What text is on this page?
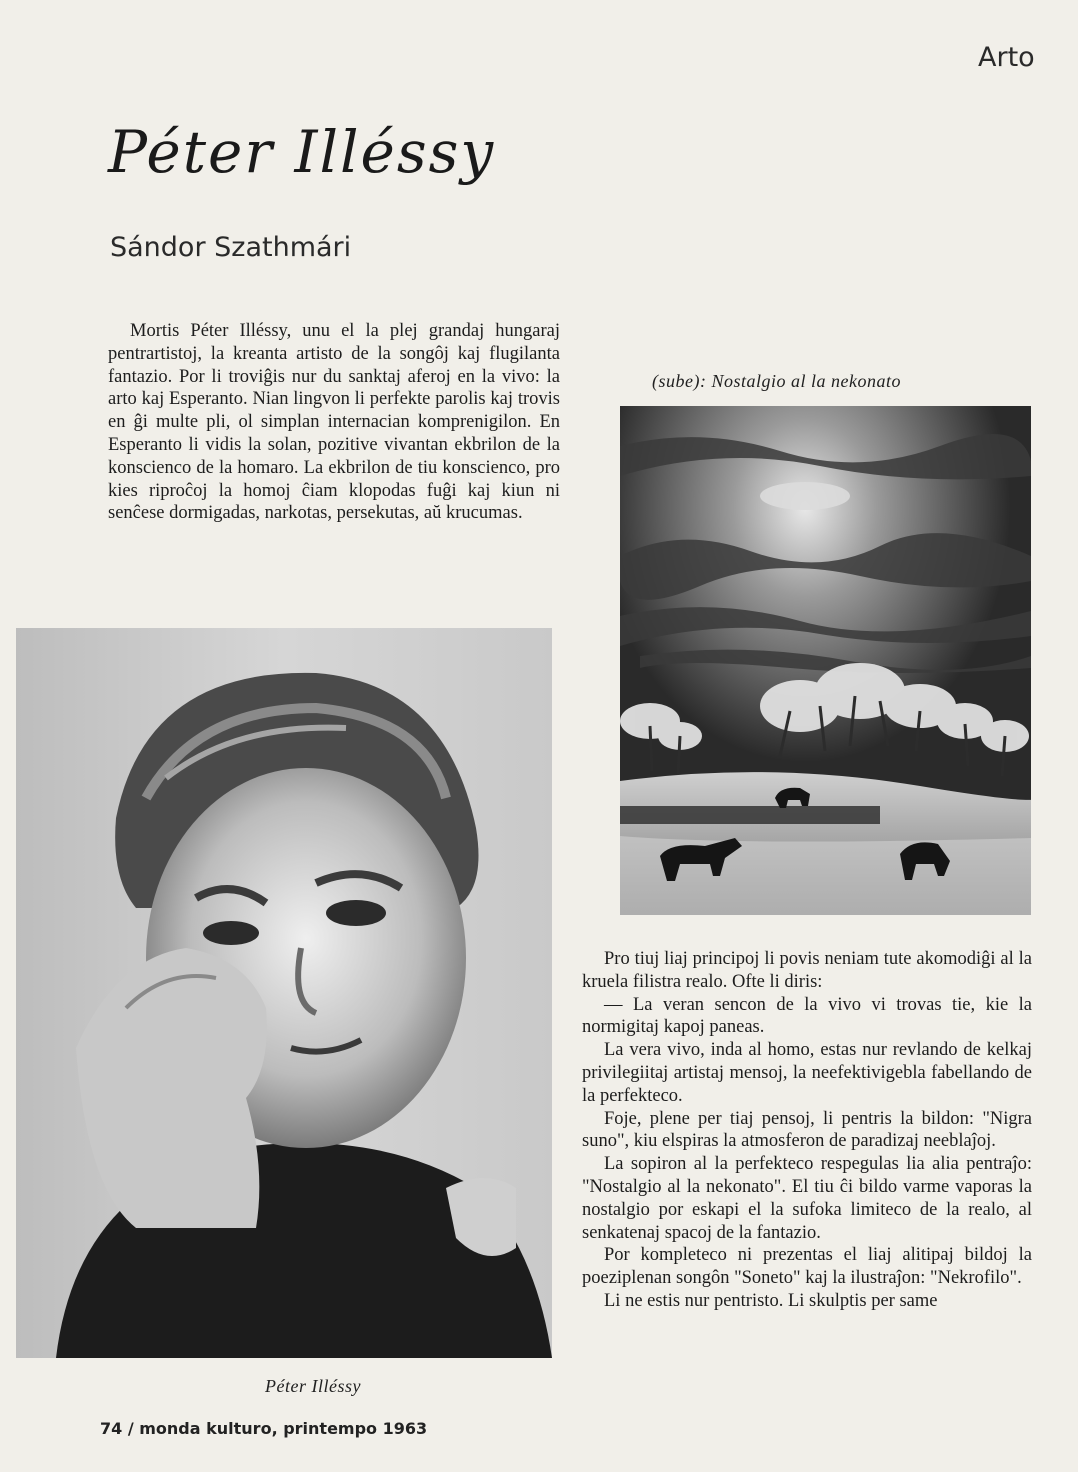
Arto
Péter Illéssy
Sándor Szathmári

Mortis Péter Illéssy, unu el la plej grandaj hungaraj pentrartistoj, la kreanta artisto de la songôj kaj flugilanta fantazio. Por li troviĝis nur du sanktaj aferoj en la vivo: la arto kaj Esperanto. Nian lingvon li perfekte parolis kaj trovis en ĝi multe pli, ol simplan internacian komprenigilon. En Esperanto li vidis la solan, pozitive vivantan ekbrilon de la konscienco de la homaro. La ekbrilon de tiu konscienco, pro kies riproĉoj la homoj ĉiam klopodas fuĝi kaj kiun ni senĉese dormigadas, narkotas, persekutas, aŭ krucumas.

(sube): Nostalgio al la nekonato
Péter Illéssy

Pro tiuj liaj principoj li povis neniam tute akomodiĝi al la kruela filistra realo. Ofte li diris:

— La veran sencon de la vivo vi trovas tie, kie la normigitaj kapoj paneas.

La vera vivo, inda al homo, estas nur revlando de kelkaj privilegiitaj artistaj mensoj, la neefektivigebla fabellando de la perfekteco.

Foje, plene per tiaj pensoj, li pentris la bildon: "Nigra suno", kiu elspiras la atmosferon de paradizaj neeblaĵoj.

La sopiron al la perfekteco respegulas lia alia pentraĵo: "Nostalgio al la nekonato". El tiu ĉi bildo varme vaporas la nostalgio por eskapi el la sufoka limiteco de la realo, al senkatenaj spacoj de la fantazio.

Por kompleteco ni prezentas el liaj alitipaj bildoj la poeziplenan songôn "Soneto" kaj la ilustraĵon: "Nekrofilo".

Li ne estis nur pentristo. Li skulptis per same

74 / monda kulturo, printempo 1963
